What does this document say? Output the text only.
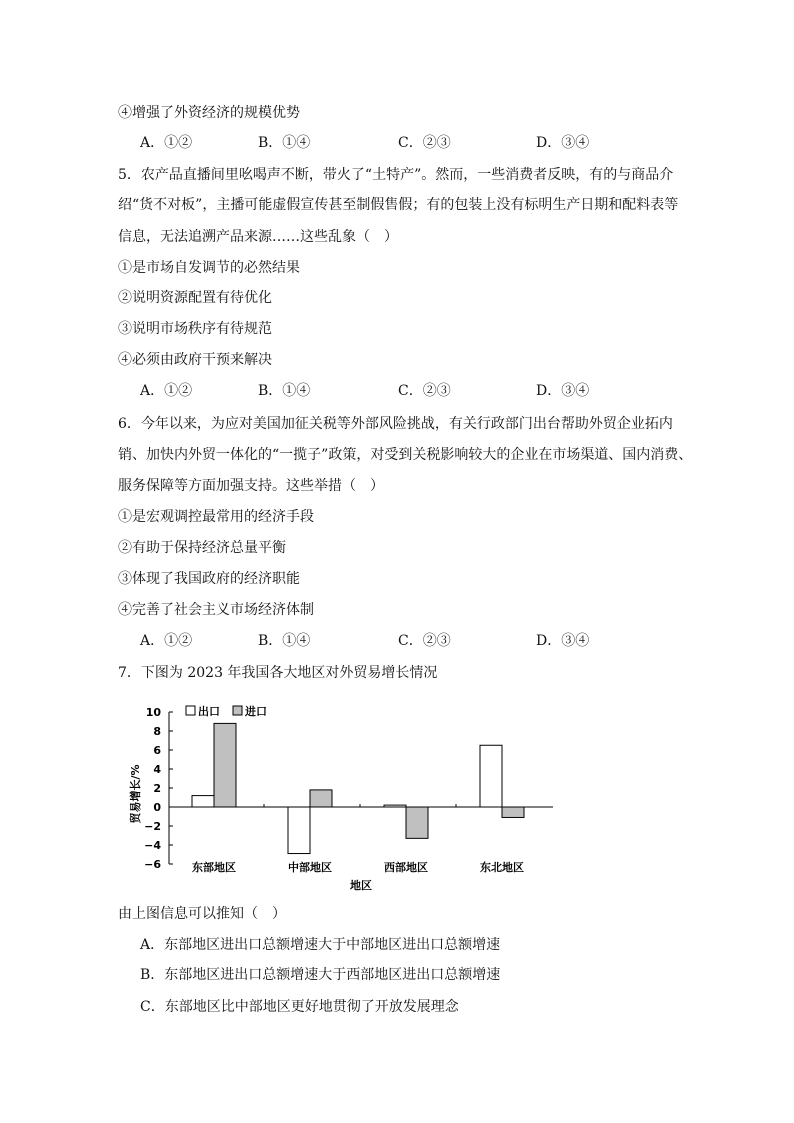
④增强了外资经济的规模优势
A．①②	B．①④	C．②③	D．③④
5．农产品直播间里吆喝声不断，带火了“土特产”。然而，一些消费者反映，有的与商品介
绍“货不对板”，主播可能虚假宣传甚至制假售假；有的包装上没有标明生产日期和配料表等
信息，无法追溯产品来源……这些乱象（　）
①是市场自发调节的必然结果
②说明资源配置有待优化
③说明市场秩序有待规范
④必须由政府干预来解决
A．①②	B．①④	C．②③	D．③④
6．今年以来，为应对美国加征关税等外部风险挑战，有关行政部门出台帮助外贸企业拓内
销、加快内外贸一体化的“一揽子”政策，对受到关税影响较大的企业在市场渠道、国内消费、
服务保障等方面加强支持。这些举措（　）
①是宏观调控最常用的经济手段
②有助于保持经济总量平衡
③体现了我国政府的经济职能
④完善了社会主义市场经济体制
A．①②	B．①④	C．②③	D．③④
7．下图为 2023 年我国各大地区对外贸易增长情况
10
8
6
4
2
0
−2
−4
−6	东部地区	中部地区	西部地区	东北地区
地区
贸易增长/%
出口 进口
由上图信息可以推知（　）
A．东部地区进出口总额增速大于中部地区进出口总额增速
B．东部地区进出口总额增速大于西部地区进出口总额增速
C．东部地区比中部地区更好地贯彻了开放发展理念
